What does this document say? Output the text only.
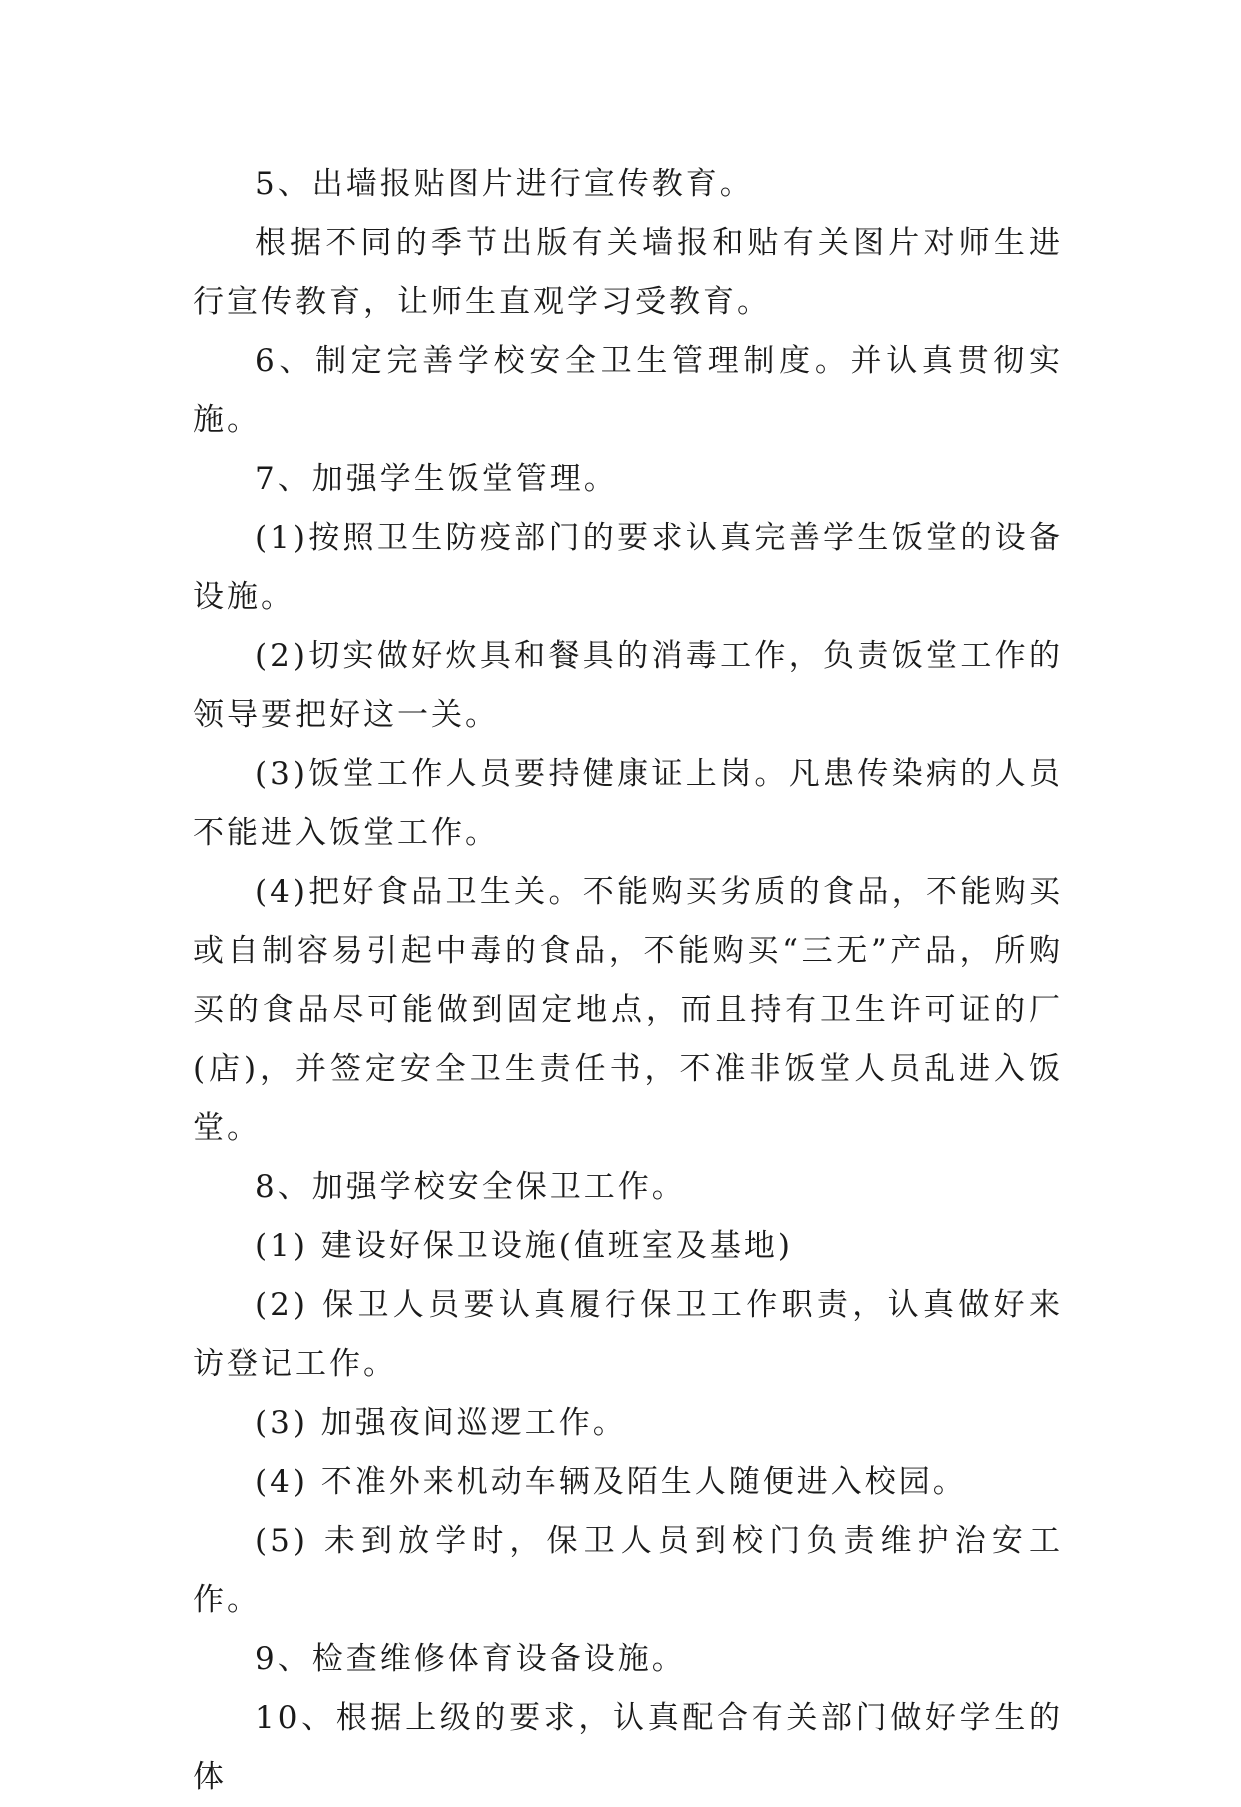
5、出墙报贴图片进行宣传教育。

根据不同的季节出版有关墙报和贴有关图片对师生进行宣传教育，让师生直观学习受教育。

6、制定完善学校安全卫生管理制度。并认真贯彻实施。

7、加强学生饭堂管理。

(1)按照卫生防疫部门的要求认真完善学生饭堂的设备设施。

(2)切实做好炊具和餐具的消毒工作，负责饭堂工作的领导要把好这一关。

(3)饭堂工作人员要持健康证上岗。凡患传染病的人员不能进入饭堂工作。

(4)把好食品卫生关。不能购买劣质的食品，不能购买或自制容易引起中毒的食品，不能购买“三无”产品，所购买的食品尽可能做到固定地点，而且持有卫生许可证的厂(店)，并签定安全卫生责任书，不准非饭堂人员乱进入饭堂。

8、加强学校安全保卫工作。

(1) 建设好保卫设施(值班室及基地)

(2) 保卫人员要认真履行保卫工作职责，认真做好来访登记工作。

(3) 加强夜间巡逻工作。

(4) 不准外来机动车辆及陌生人随便进入校园。

(5) 未到放学时，保卫人员到校门负责维护治安工作。

9、检查维修体育设备设施。

10、根据上级的要求，认真配合有关部门做好学生的体
